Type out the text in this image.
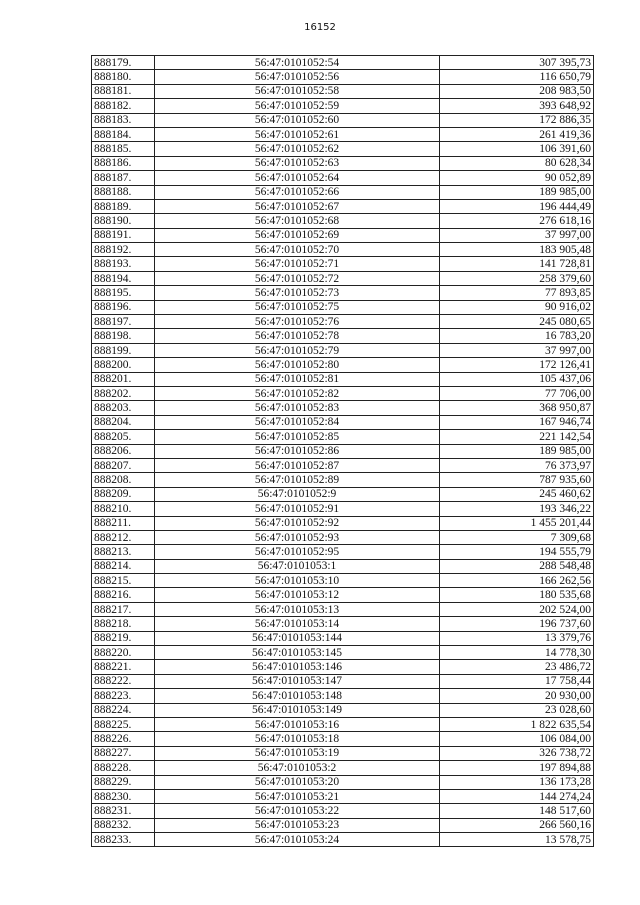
16152
888179.	56:47:0101052:54	307 395,73
888180.	56:47:0101052:56	116 650,79
888181.	56:47:0101052:58	208 983,50
888182.	56:47:0101052:59	393 648,92
888183.	56:47:0101052:60	172 886,35
888184.	56:47:0101052:61	261 419,36
888185.	56:47:0101052:62	106 391,60
888186.	56:47:0101052:63	80 628,34
888187.	56:47:0101052:64	90 052,89
888188.	56:47:0101052:66	189 985,00
888189.	56:47:0101052:67	196 444,49
888190.	56:47:0101052:68	276 618,16
888191.	56:47:0101052:69	37 997,00
888192.	56:47:0101052:70	183 905,48
888193.	56:47:0101052:71	141 728,81
888194.	56:47:0101052:72	258 379,60
888195.	56:47:0101052:73	77 893,85
888196.	56:47:0101052:75	90 916,02
888197.	56:47:0101052:76	245 080,65
888198.	56:47:0101052:78	16 783,20
888199.	56:47:0101052:79	37 997,00
888200.	56:47:0101052:80	172 126,41
888201.	56:47:0101052:81	105 437,06
888202.	56:47:0101052:82	77 706,00
888203.	56:47:0101052:83	368 950,87
888204.	56:47:0101052:84	167 946,74
888205.	56:47:0101052:85	221 142,54
888206.	56:47:0101052:86	189 985,00
888207.	56:47:0101052:87	76 373,97
888208.	56:47:0101052:89	787 935,60
888209.	56:47:0101052:9	245 460,62
888210.	56:47:0101052:91	193 346,22
888211.	56:47:0101052:92	1 455 201,44
888212.	56:47:0101052:93	7 309,68
888213.	56:47:0101052:95	194 555,79
888214.	56:47:0101053:1	288 548,48
888215.	56:47:0101053:10	166 262,56
888216.	56:47:0101053:12	180 535,68
888217.	56:47:0101053:13	202 524,00
888218.	56:47:0101053:14	196 737,60
888219.	56:47:0101053:144	13 379,76
888220.	56:47:0101053:145	14 778,30
888221.	56:47:0101053:146	23 486,72
888222.	56:47:0101053:147	17 758,44
888223.	56:47:0101053:148	20 930,00
888224.	56:47:0101053:149	23 028,60
888225.	56:47:0101053:16	1 822 635,54
888226.	56:47:0101053:18	106 084,00
888227.	56:47:0101053:19	326 738,72
888228.	56:47:0101053:2	197 894,88
888229.	56:47:0101053:20	136 173,28
888230.	56:47:0101053:21	144 274,24
888231.	56:47:0101053:22	148 517,60
888232.	56:47:0101053:23	266 560,16
888233.	56:47:0101053:24	13 578,75
